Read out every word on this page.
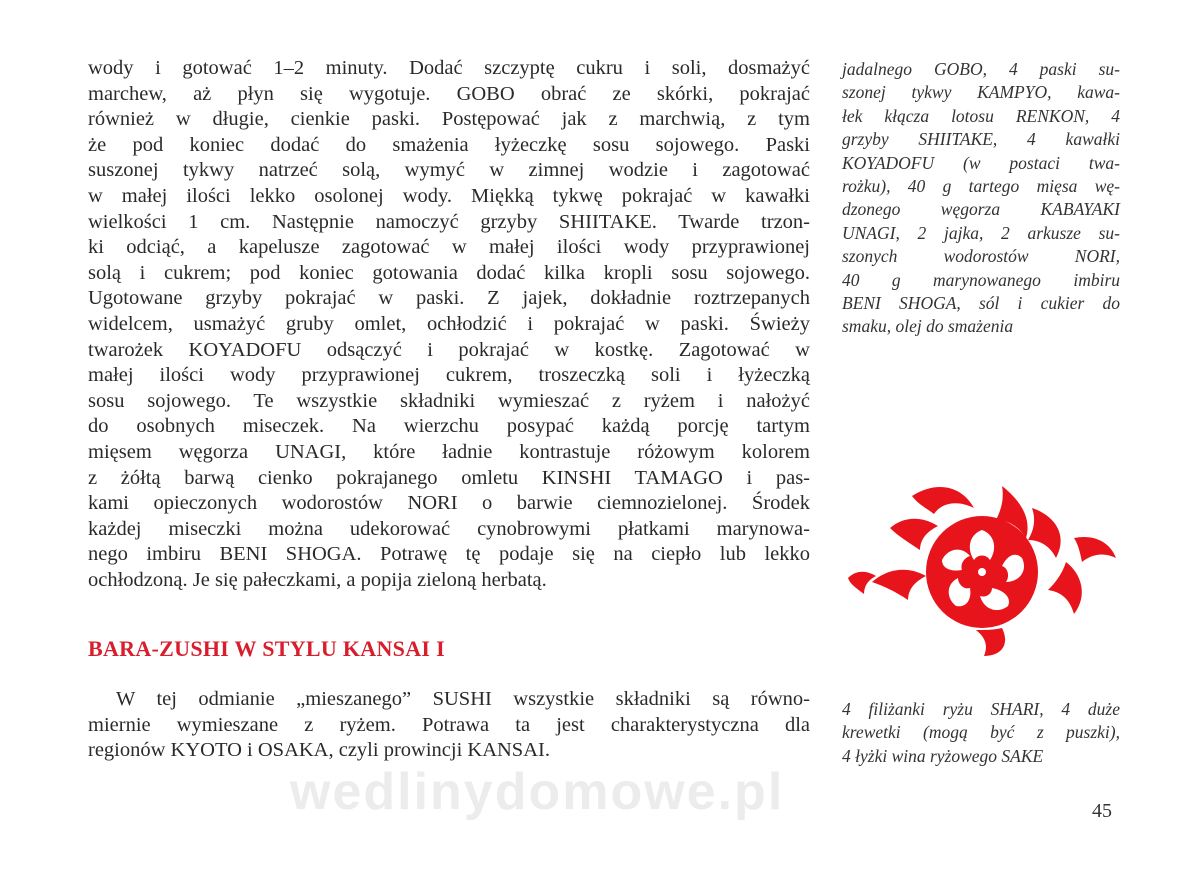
wody i gotować 1–2 minuty. Dodać szczyptę cukru i soli, dosmażyć
marchew, aż płyn się wygotuje. GOBO obrać ze skórki, pokrajać
również w długie, cienkie paski. Postępować jak z marchwią, z tym
że pod koniec dodać do smażenia łyżeczkę sosu sojowego. Paski
suszonej tykwy natrzeć solą, wymyć w zimnej wodzie i zagotować
w małej ilości lekko osolonej wody. Miękką tykwę pokrajać w kawałki
wielkości 1 cm. Następnie namoczyć grzyby SHIITAKE. Twarde trzon-
ki odciąć, a kapelusze zagotować w małej ilości wody przyprawionej
solą i cukrem; pod koniec gotowania dodać kilka kropli sosu sojowego.
Ugotowane grzyby pokrajać w paski. Z jajek, dokładnie roztrzepanych
widelcem, usmażyć gruby omlet, ochłodzić i pokrajać w paski. Świeży
twarożek KOYADOFU odsączyć i pokrajać w kostkę. Zagotować w
małej ilości wody przyprawionej cukrem, troszeczką soli i łyżeczką
sosu sojowego. Te wszystkie składniki wymieszać z ryżem i nałożyć
do osobnych miseczek. Na wierzchu posypać każdą porcję tartym
mięsem węgorza UNAGI, które ładnie kontrastuje różowym kolorem
z żółtą barwą cienko pokrajanego omletu KINSHI TAMAGO i pas-
kami opieczonych wodorostów NORI o barwie ciemnozielonej. Środek
każdej miseczki można udekorować cynobrowymi płatkami marynowa-
nego imbiru BENI SHOGA. Potrawę tę podaje się na ciepło lub lekko
ochłodzoną. Je się pałeczkami, a popija zieloną herbatą.

jadalnego GOBO, 4 paski su-
szonej tykwy KAMPYO, kawa-
łek kłącza lotosu RENKON, 4
grzyby SHIITAKE, 4 kawałki
KOYADOFU (w postaci twa-
rożku), 40 g tartego mięsa wę-
dzonego węgorza KABAYAKI
UNAGI, 2 jajka, 2 arkusze su-
szonych wodorostów NORI,
40 g marynowanego imbiru
BENI SHOGA, sól i cukier do
smaku, olej do smażenia
BARA-ZUSHI W STYLU KANSAI I

W tej odmianie „mieszanego” SUSHI wszystkie składniki są równo-
miernie wymieszane z ryżem. Potrawa ta jest charakterystyczna dla
regionów KYOTO i OSAKA, czyli prowincji KANSAI.

4 filiżanki ryżu SHARI, 4 duże
krewetki (mogą być z puszki),
4 łyżki wina ryżowego SAKE
wedlinydomowe.pl	45
